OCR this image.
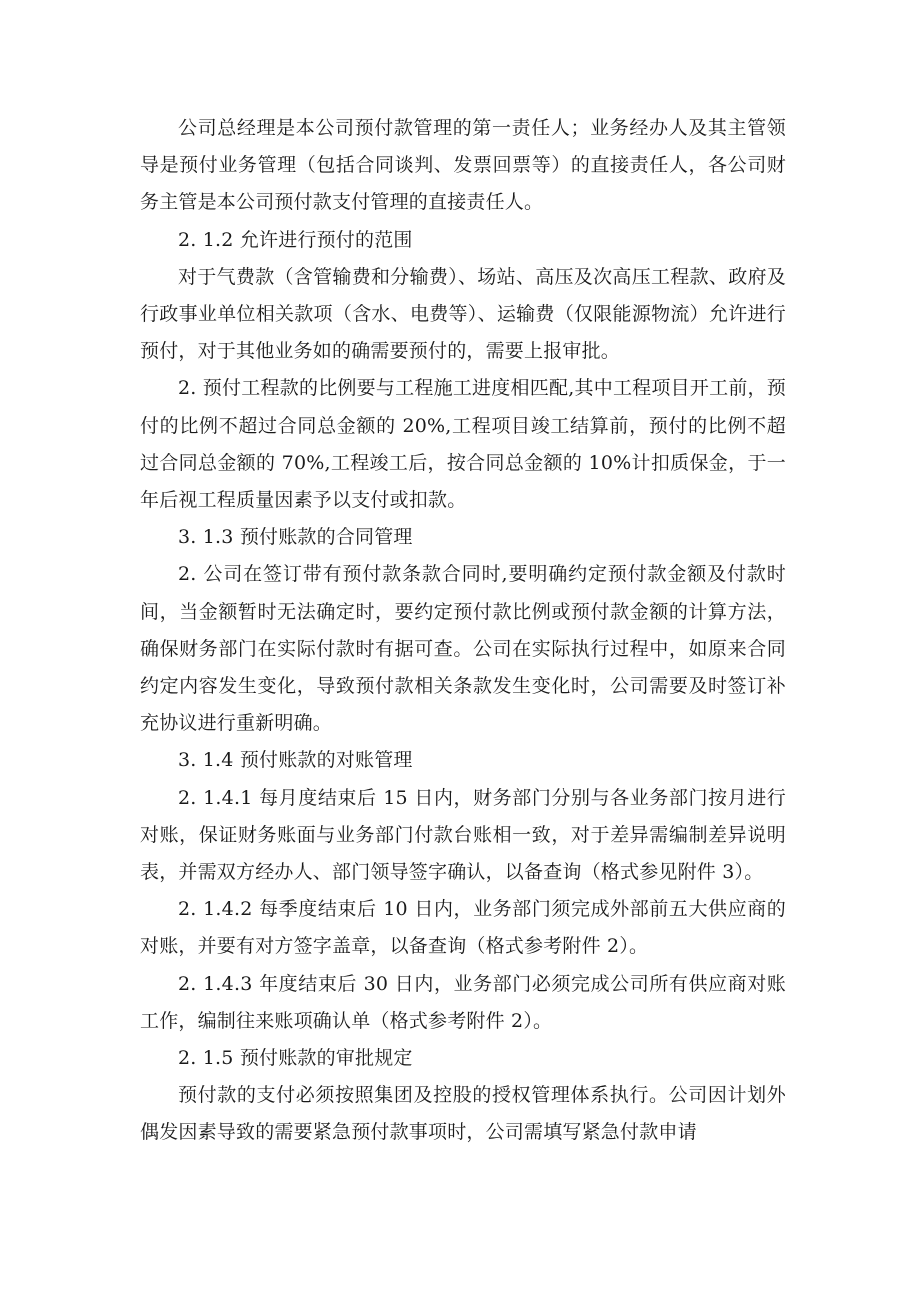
公司总经理是本公司预付款管理的第一责任人；业务经办人及其主管领导是预付业务管理（包括合同谈判、发票回票等）的直接责任人，各公司财务主管是本公司预付款支付管理的直接责任人。

2. 1.2 允许进行预付的范围

对于气费款（含管输费和分输费）、场站、高压及次高压工程款、政府及行政事业单位相关款项（含水、电费等）、运输费（仅限能源物流）允许进行预付，对于其他业务如的确需要预付的，需要上报审批。

2. 预付工程款的比例要与工程施工进度相匹配,其中工程项目开工前，预付的比例不超过合同总金额的 20%,工程项目竣工结算前，预付的比例不超过合同总金额的 70%,工程竣工后，按合同总金额的 10%计扣质保金，于一年后视工程质量因素予以支付或扣款。

3. 1.3 预付账款的合同管理

2. 公司在签订带有预付款条款合同时,要明确约定预付款金额及付款时间，当金额暂时无法确定时，要约定预付款比例或预付款金额的计算方法，确保财务部门在实际付款时有据可查。公司在实际执行过程中，如原来合同约定内容发生变化，导致预付款相关条款发生变化时，公司需要及时签订补充协议进行重新明确。

3. 1.4 预付账款的对账管理

2. 1.4.1 每月度结束后 15 日内，财务部门分别与各业务部门按月进行对账，保证财务账面与业务部门付款台账相一致，对于差异需编制差异说明表，并需双方经办人、部门领导签字确认，以备查询（格式参见附件 3）。

2. 1.4.2 每季度结束后 10 日内，业务部门须完成外部前五大供应商的对账，并要有对方签字盖章，以备查询（格式参考附件 2）。

2. 1.4.3 年度结束后 30 日内，业务部门必须完成公司所有供应商对账工作，编制往来账项确认单（格式参考附件 2）。

2. 1.5 预付账款的审批规定

预付款的支付必须按照集团及控股的授权管理体系执行。公司因计划外偶发因素导致的需要紧急预付款事项时，公司需填写紧急付款申请
